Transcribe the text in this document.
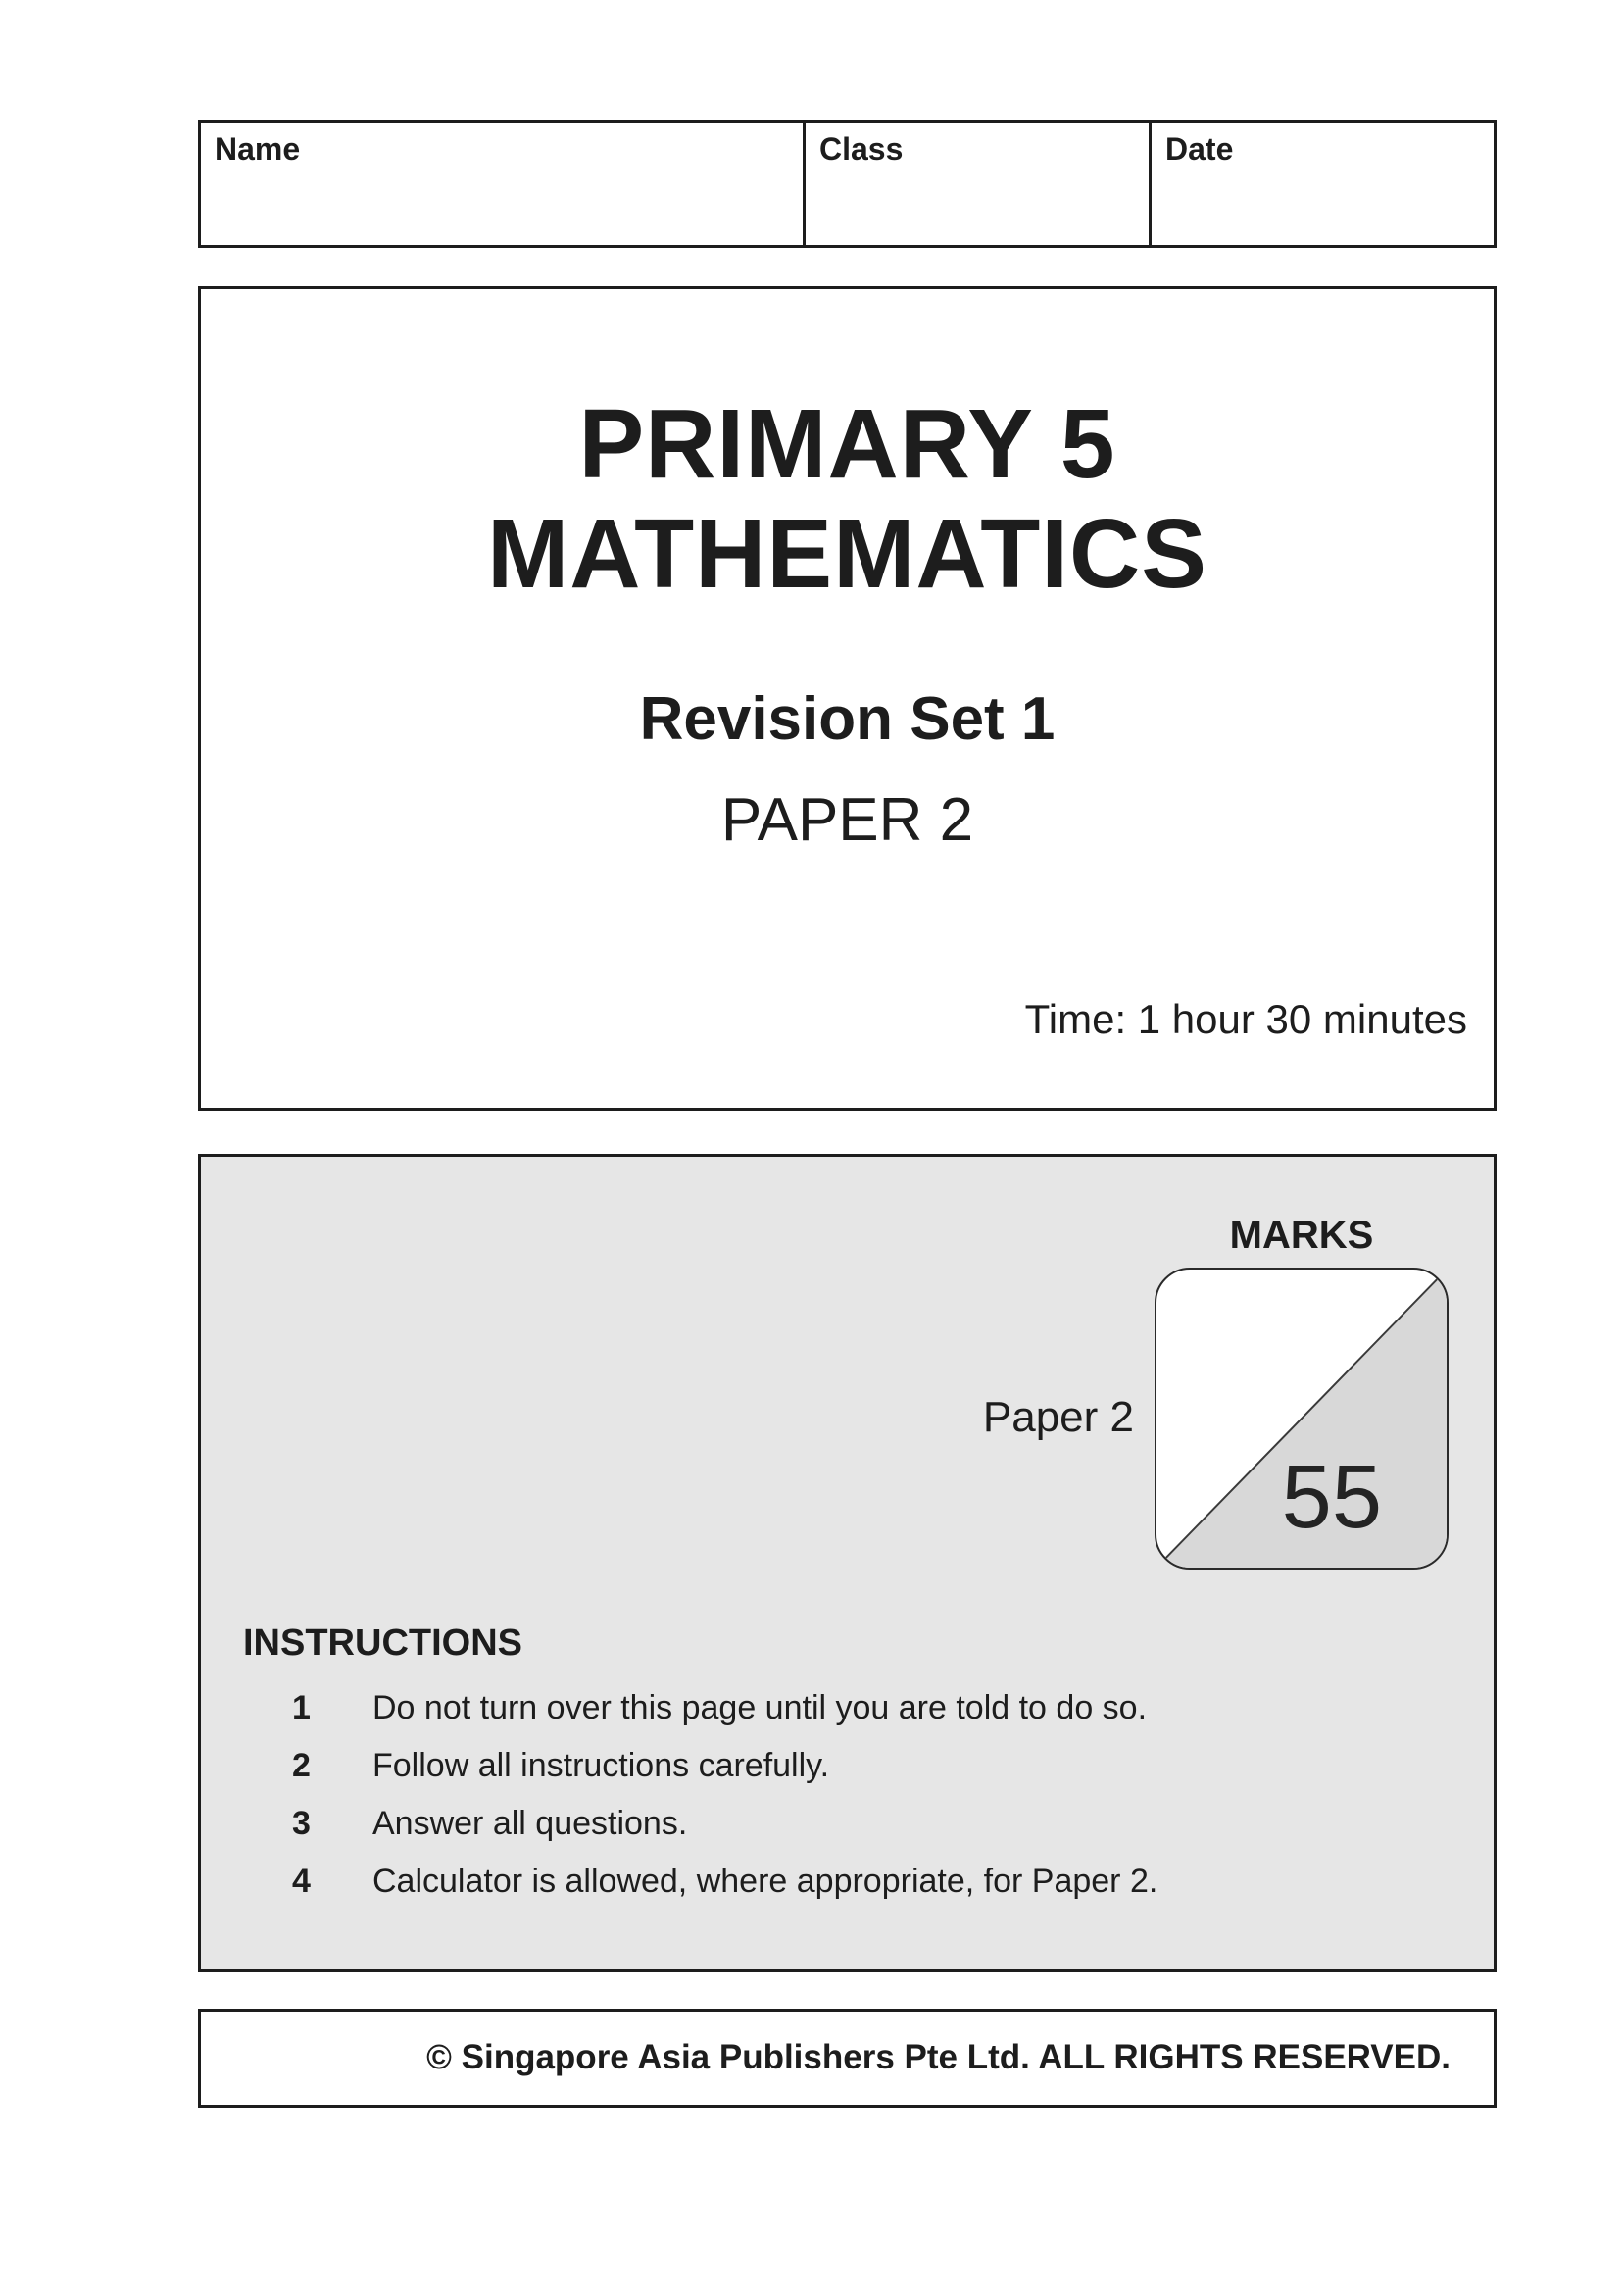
Name	Class	Date
PRIMARY 5
MATHEMATICS
Revision Set 1
PAPER 2
Time: 1 hour 30 minutes
MARKS
Paper 2
55
INSTRUCTIONS
1	Do not turn over this page until you are told to do so.
2	Follow all instructions carefully.
3	Answer all questions.
4	Calculator is allowed, where appropriate, for Paper 2.
© Singapore Asia Publishers Pte Ltd. ALL RIGHTS RESERVED.
